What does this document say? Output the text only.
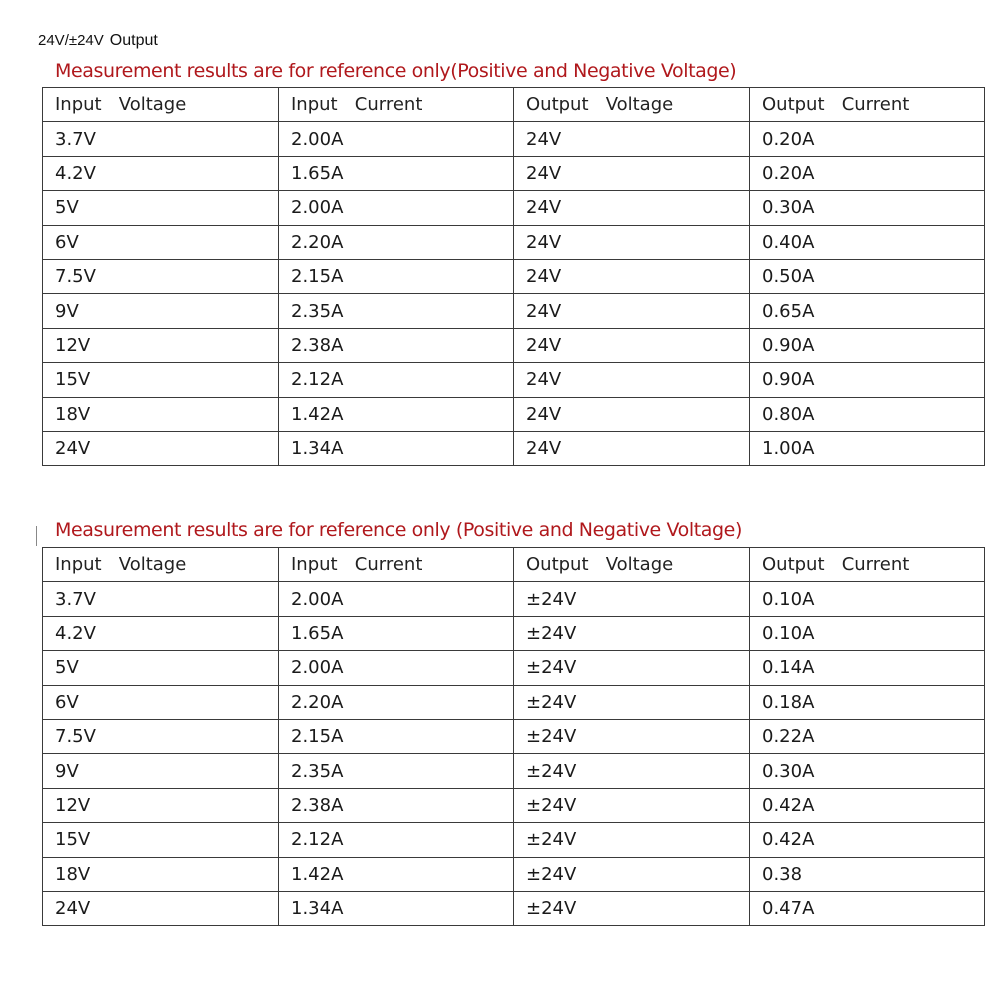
24V/±24V Output
Measurement results are for reference only(Positive and Negative Voltage)
Input   Voltage	Input   Current	Output   Voltage	Output   Current
3.7V	2.00A	24V	0.20A
4.2V	1.65A	24V	0.20A
5V	2.00A	24V	0.30A
6V	2.20A	24V	0.40A
7.5V	2.15A	24V	0.50A
9V	2.35A	24V	0.65A
12V	2.38A	24V	0.90A
15V	2.12A	24V	0.90A
18V	1.42A	24V	0.80A
24V	1.34A	24V	1.00A
Measurement results are for reference only (Positive and Negative Voltage)
Input   Voltage	Input   Current	Output   Voltage	Output   Current
3.7V	2.00A	±24V	0.10A
4.2V	1.65A	±24V	0.10A
5V	2.00A	±24V	0.14A
6V	2.20A	±24V	0.18A
7.5V	2.15A	±24V	0.22A
9V	2.35A	±24V	0.30A
12V	2.38A	±24V	0.42A
15V	2.12A	±24V	0.42A
18V	1.42A	±24V	0.38
24V	1.34A	±24V	0.47A
